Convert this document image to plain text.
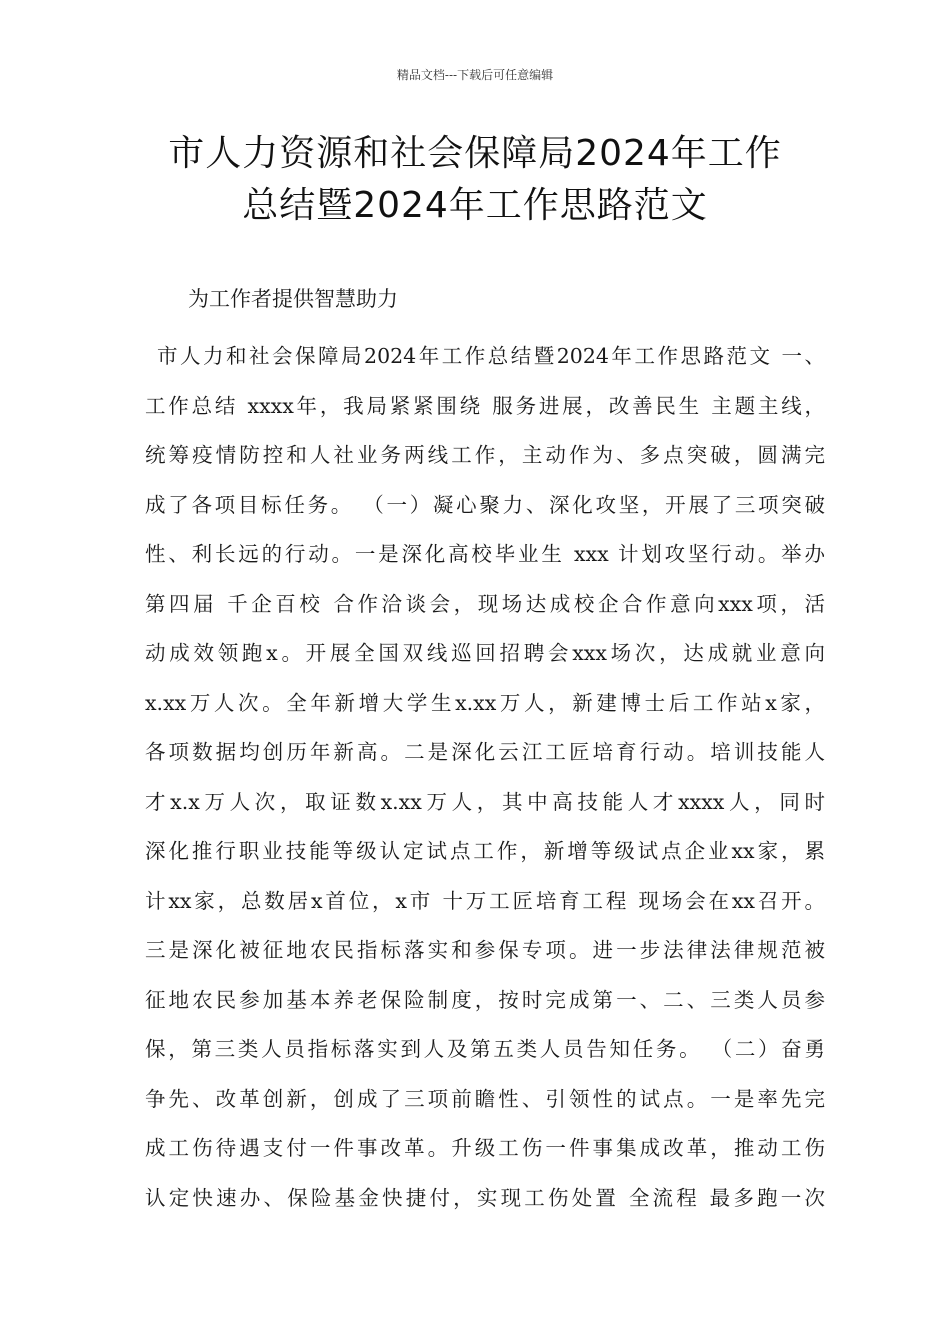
精品文档---下载后可任意编辑
市人力资源和社会保障局2024年工作
总结暨2024年工作思路范文
为工作者提供智慧助力
市人力和社会保障局2024年工作总结暨2024年工作思路范文 一、
工作总结 xxxx年，我局紧紧围绕 服务进展，改善民生 主题主线，
统筹疫情防控和人社业务两线工作，主动作为、多点突破，圆满完
成了各项目标任务。 （一）凝心聚力、深化攻坚，开展了三项突破
性、利长远的行动。一是深化高校毕业生 xxx 计划攻坚行动。举办
第四届 千企百校 合作洽谈会，现场达成校企合作意向xxx项，活
动成效领跑x。开展全国双线巡回招聘会xxx场次，达成就业意向
x.xx万人次。全年新增大学生x.xx万人，新建博士后工作站x家，
各项数据均创历年新高。二是深化云江工匠培育行动。培训技能人
才x.x万人次，取证数x.xx万人，其中高技能人才xxxx人，同时
深化推行职业技能等级认定试点工作，新增等级试点企业xx家，累
计xx家，总数居x首位，x市 十万工匠培育工程 现场会在xx召开。
三是深化被征地农民指标落实和参保专项。进一步法律法律规范被
征地农民参加基本养老保险制度，按时完成第一、二、三类人员参
保，第三类人员指标落实到人及第五类人员告知任务。 （二）奋勇
争先、改革创新，创成了三项前瞻性、引领性的试点。一是率先完
成工伤待遇支付一件事改革。升级工伤一件事集成改革，推动工伤
认定快速办、保险基金快捷付，实现工伤处置 全流程 最多跑一次
